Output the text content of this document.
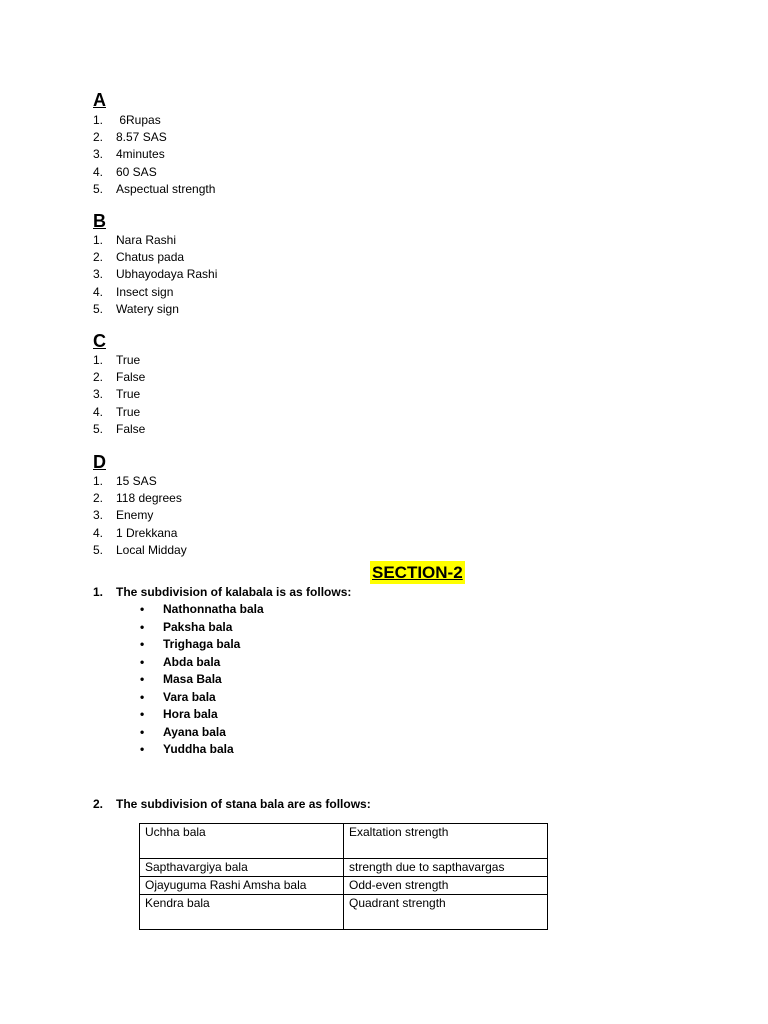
A
1.	6Rupas
2.	8.57 SAS
3.	4minutes
4.	60 SAS
5.	Aspectual strength
B
1.	Nara Rashi
2.	Chatus pada
3.	Ubhayodaya Rashi
4.	Insect sign
5.	Watery sign
C
1.	True
2.	False
3.	True
4.	True
5.	False
D
1.	15 SAS
2.	118 degrees
3.	Enemy
4.	1 Drekkana
5.	Local Midday
SECTION-2
1. The subdivision of kalabala is as follows:
• Nathonnatha bala
• Paksha bala
• Trighaga bala
• Abda bala
• Masa Bala
• Vara bala
• Hora bala
• Ayana bala
• Yuddha bala
2. The subdivision of stana bala are as follows:
Uchha bala	Exaltation strength
Sapthavargiya bala	strength due to sapthavargas
Ojayuguma Rashi Amsha bala	Odd-even strength
Kendra bala	Quadrant strength
